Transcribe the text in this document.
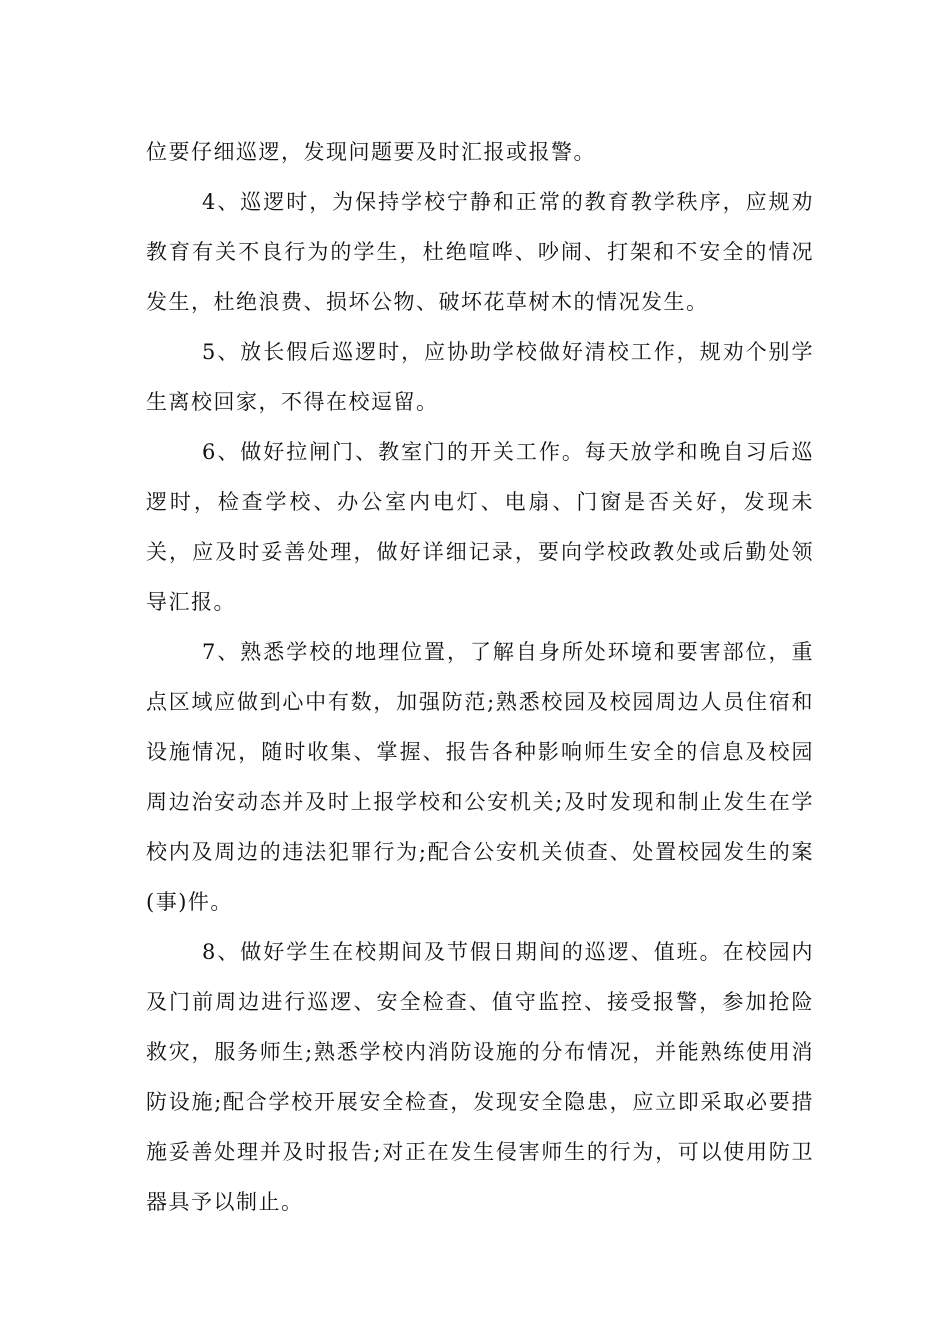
位要仔细巡逻，发现问题要及时汇报或报警。

4、巡逻时，为保持学校宁静和正常的教育教学秩序，应规劝教育有关不良行为的学生，杜绝喧哗、吵闹、打架和不安全的情况发生，杜绝浪费、损坏公物、破坏花草树木的情况发生。

5、放长假后巡逻时，应协助学校做好清校工作，规劝个别学生离校回家，不得在校逗留。

6、做好拉闸门、教室门的开关工作。每天放学和晚自习后巡逻时，检查学校、办公室内电灯、电扇、门窗是否关好，发现未关，应及时妥善处理，做好详细记录，要向学校政教处或后勤处领导汇报。

7、熟悉学校的地理位置，了解自身所处环境和要害部位，重点区域应做到心中有数，加强防范;熟悉校园及校园周边人员住宿和设施情况，随时收集、掌握、报告各种影响师生安全的信息及校园周边治安动态并及时上报学校和公安机关;及时发现和制止发生在学校内及周边的违法犯罪行为;配合公安机关侦查、处置校园发生的案(事)件。

8、做好学生在校期间及节假日期间的巡逻、值班。在校园内及门前周边进行巡逻、安全检查、值守监控、接受报警，参加抢险救灾，服务师生;熟悉学校内消防设施的分布情况，并能熟练使用消防设施;配合学校开展安全检查，发现安全隐患，应立即采取必要措施妥善处理并及时报告;对正在发生侵害师生的行为，可以使用防卫器具予以制止。
